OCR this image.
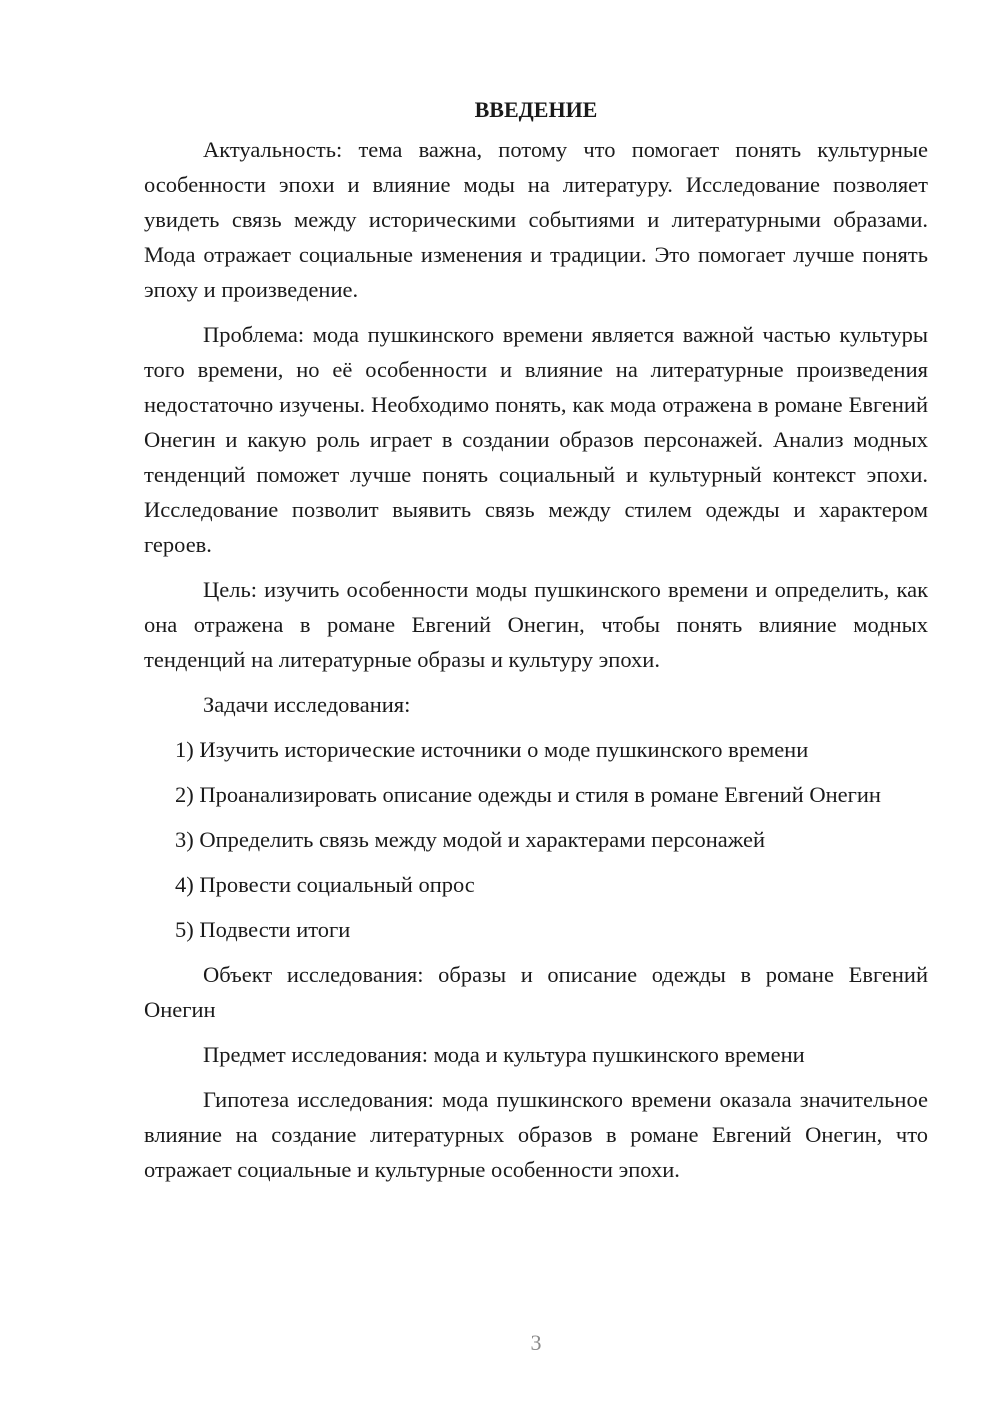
ВВЕДЕНИЕ

Актуальность: тема важна, потому что помогает понять культурные особенности эпохи и влияние моды на литературу. Исследование позволяет увидеть связь между историческими событиями и литературными образами. Мода отражает социальные изменения и традиции. Это помогает лучше понять эпоху и произведение.

Проблема: мода пушкинского времени является важной частью культуры того времени, но её особенности и влияние на литературные произведения недостаточно изучены. Необходимо понять, как мода отражена в романе Евгений Онегин и какую роль играет в создании образов персонажей. Анализ модных тенденций поможет лучше понять социальный и культурный контекст эпохи. Исследование позволит выявить связь между стилем одежды и характером героев.

Цель: изучить особенности моды пушкинского времени и определить, как она отражена в романе Евгений Онегин, чтобы понять влияние модных тенденций на литературные образы и культуру эпохи.

Задачи исследования:

1) Изучить исторические источники о моде пушкинского времени

2) Проанализировать описание одежды и стиля в романе Евгений Онегин

3) Определить связь между модой и характерами персонажей

4) Провести социальный опрос

5) Подвести итоги

Объект исследования: образы и описание одежды в романе Евгений Онегин

Предмет исследования: мода и культура пушкинского времени

Гипотеза исследования: мода пушкинского времени оказала значительное влияние на создание литературных образов в романе Евгений Онегин, что отражает социальные и культурные особенности эпохи.

3
